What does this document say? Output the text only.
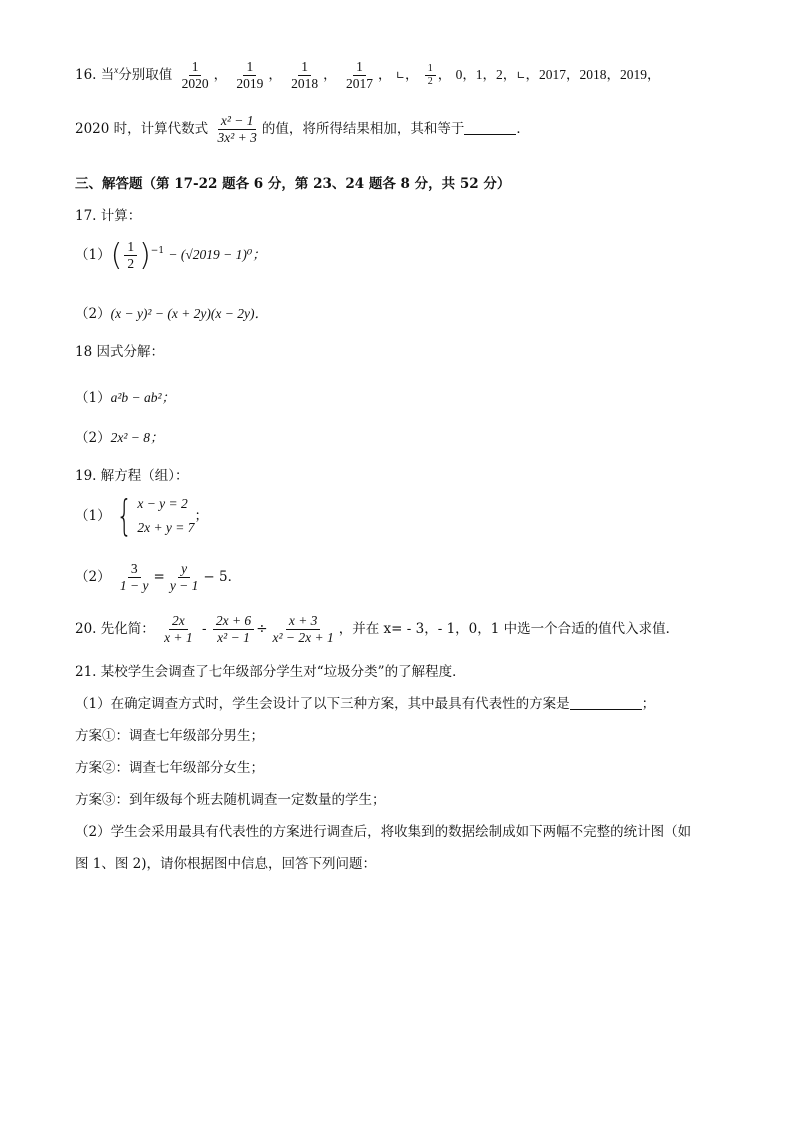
16. 当$^x$分别取值 $\frac{1}{2020}$ ， $\frac{1}{2019}$ ， $\frac{1}{2018}$ ， $\frac{1}{2017}$ ， ∟， $\frac{1}{2}$ ， 0，1，2，∟，2017，2018，2019，
2020 时，计算代数式 $\frac{\text{x² − 1}}{\text{3x² + 3}}$ 的值，将所得结果相加，其和等于	．
三、解答题（第 17-22 题各 6 分，第 23、24 题各 8 分，共 52 分）
17. 计算：
$(1)( \frac{1}{2} )^{-1} - (√2019 - 1)^0$；
（2）(x − y)² − (x + 2y)(x − 2y)．
18 因式分解：
（1）a²b − ab²；
（2）2x² − 8；
19. 解方程（组）：
（1） { x − y = 2
2x + y = 7
；
$(2) \frac{3}{1 - y} = \frac{y}{y - 1} - 5$．
20. 先化简： $\frac{2x}{x + 1} - \frac{2x + 6}{\text{x² − 1}} \div \frac{x + 3}{\text{x² − 2x + 1}}$ ，并在 x= - 3，- 1，0，1 中选一个合适的值代入求值．
21. 某校学生会调查了七年级部分学生对“垃圾分类”的了解程度．
（1）在确定调查方式时，学生会设计了以下三种方案，其中最具有代表性的方案是	；
方案①：调查七年级部分男生；
方案②：调查七年级部分女生；
方案③：到年级每个班去随机调查一定数量的学生；
（2）学生会采用最具有代表性的方案进行调查后，将收集到的数据绘制成如下两幅不完整的统计图（如
图 1、图 2)，请你根据图中信息，回答下列问题：
